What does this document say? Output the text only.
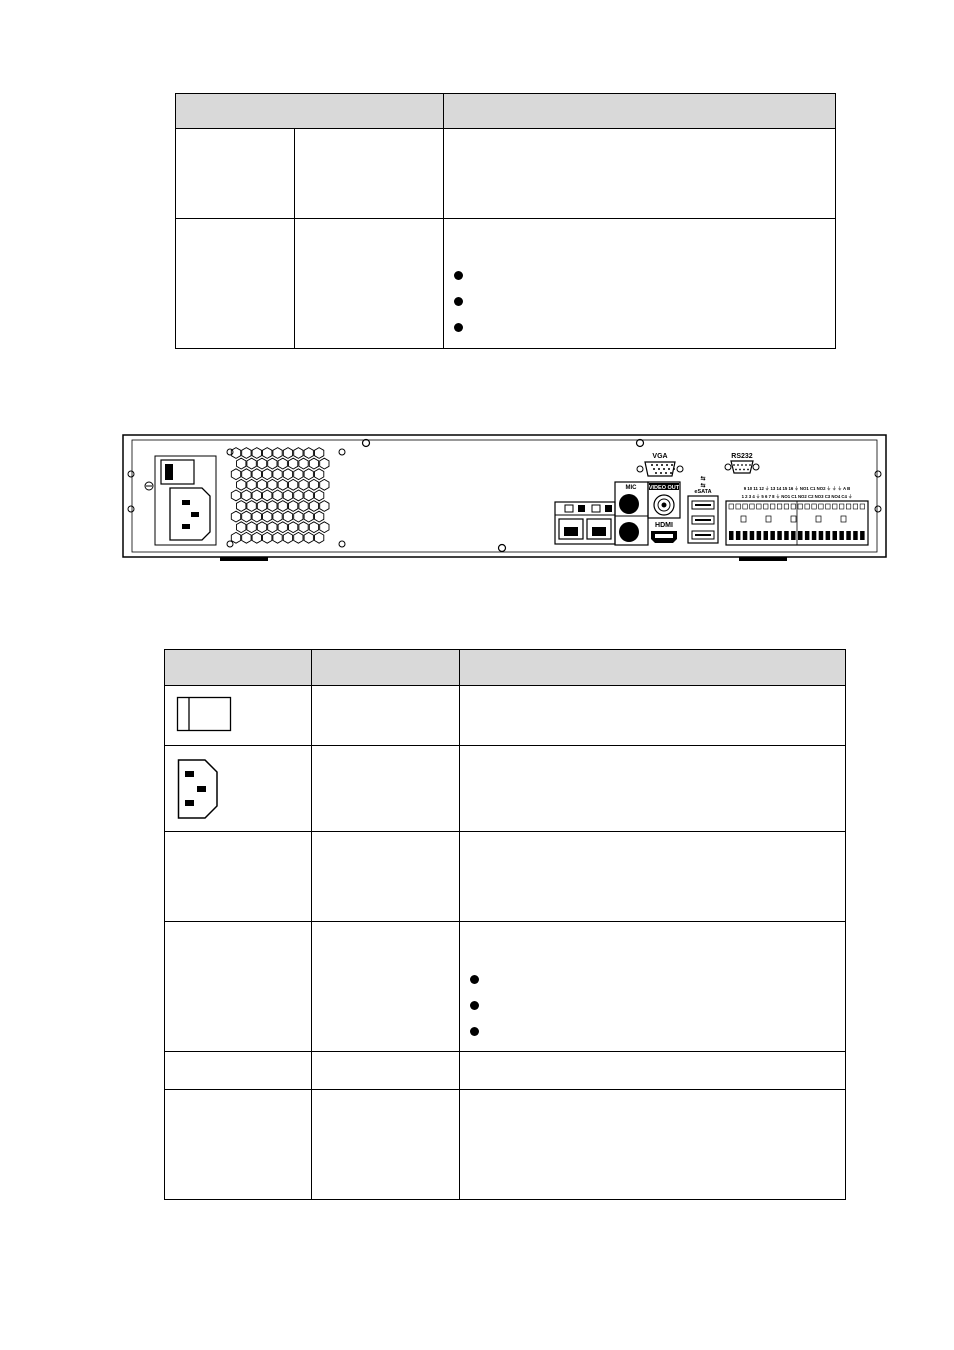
MIC VIDEO OUT
HDMI
VGA	RS232
⇆
⇆
eSATA
9 10 11 12 ⏚ 13 14 15 16 ⏚ NO1 C1 NO2 ⏚ ⏚ ⏚ A B
1 2 3 4 ⏚ 5 6 7 8 ⏚ NO1 C1 NO2 C2 NO3 C3 NO4 C4 ⏚
